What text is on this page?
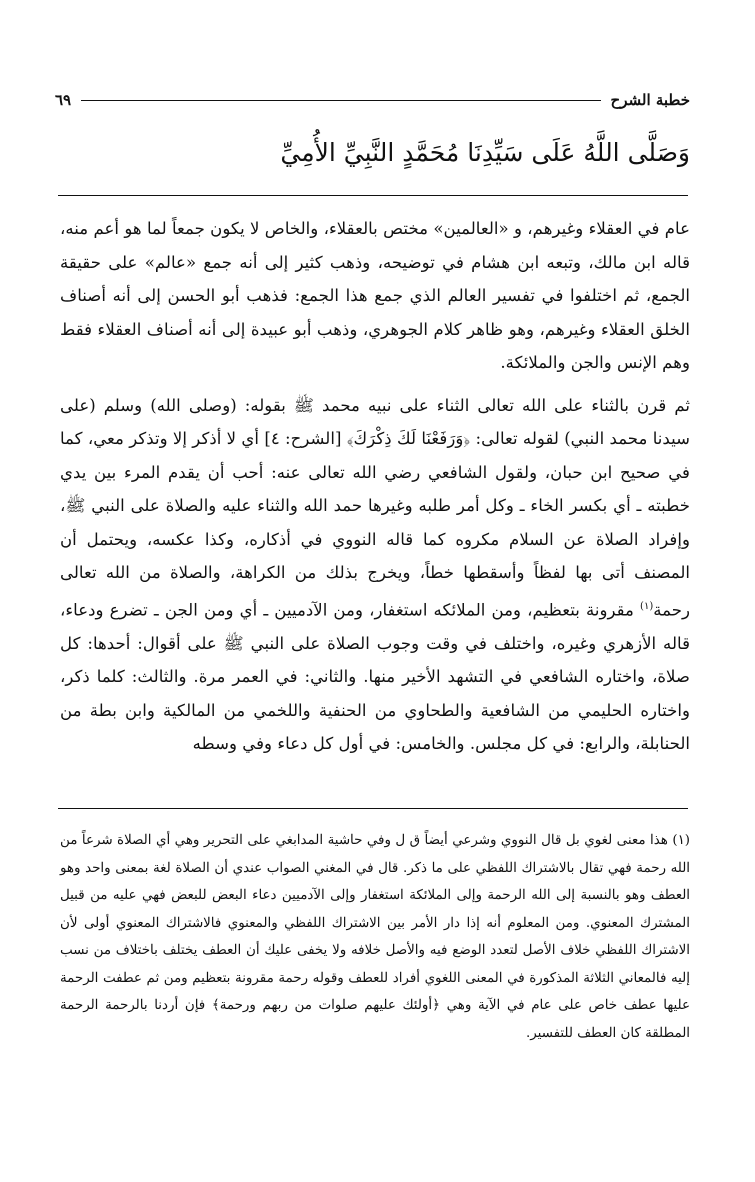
خطبة الشرح
٦٩
وَصَلَّى اللَّهُ عَلَى سَيِّدِنَا مُحَمَّدٍ النَّبِيِّ الأُمِيِّ

عام في العقلاء وغيرهم، و «العالمين» مختص بالعقلاء، والخاص لا يكون جمعاً لما هو أعم منه، قاله ابن مالك، وتبعه ابن هشام في توضيحه، وذهب كثير إلى أنه جمع «عالم» على حقيقة الجمع، ثم اختلفوا في تفسير العالم الذي جمع هذا الجمع: فذهب أبو الحسن إلى أنه أصناف الخلق العقلاء وغيرهم، وهو ظاهر كلام الجوهري، وذهب أبو عبيدة إلى أنه أصناف العقلاء فقط وهم الإنس والجن والملائكة.

ثم قرن بالثناء على الله تعالى الثناء على نبيه محمد ﷺ بقوله: (وصلى الله) وسلم (على سيدنا محمد النبي) لقوله تعالى: ﴿وَرَفَعْنَا لَكَ ذِكْرَكَ﴾ [الشرح: ٤] أي لا أذكر إلا وتذكر معي، كما في صحيح ابن حبان، ولقول الشافعي رضي الله تعالى عنه: أحب أن يقدم المرء بين يدي خطبته ـ أي بكسر الخاء ـ وكل أمر طلبه وغيرها حمد الله والثناء عليه والصلاة على النبي ﷺ، وإفراد الصلاة عن السلام مكروه كما قاله النووي في أذكاره، وكذا عكسه، ويحتمل أن المصنف أتى بها لفظاً وأسقطها خطاً، ويخرج بذلك من الكراهة، والصلاة من الله تعالى رحمة$^{(١)}$ مقرونة بتعظيم، ومن الملائكه استغفار، ومن الآدميين ـ أي ومن الجن ـ تضرع ودعاء، قاله الأزهري وغيره، واختلف في وقت وجوب الصلاة على النبي ﷺ على أقوال: أحدها: كل صلاة، واختاره الشافعي في التشهد الأخير منها. والثاني: في العمر مرة. والثالث: كلما ذكر، واختاره الحليمي من الشافعية والطحاوي من الحنفية واللخمي من المالكية وابن بطة من الحنابلة، والرابع: في كل مجلس. والخامس: في أول كل دعاء وفي وسطه

(١) هذا معنى لغوي بل قال النووي وشرعي أيضاً ق ل وفي حاشية المدابغي على التحرير وهي أي الصلاة شرعاً من الله رحمة فهي تقال بالاشتراك اللفظي على ما ذكر. قال في المغني الصواب عندي أن الصلاة لغة بمعنى واحد وهو العطف وهو بالنسبة إلى الله الرحمة وإلى الملائكة استغفار وإلى الآدميين دعاء البعض للبعض فهي عليه من قبيل المشترك المعنوي. ومن المعلوم أنه إذا دار الأمر بين الاشتراك اللفظي والمعنوي فالاشتراك المعنوي أولى لأن الاشتراك اللفظي خلاف الأصل لتعدد الوضع فيه والأصل خلافه ولا يخفى عليك أن العطف يختلف باختلاف من نسب إليه فالمعاني الثلاثة المذكورة في المعنى اللغوي أفراد للعطف وقوله رحمة مقرونة بتعظيم ومن ثم عطفت الرحمة عليها عطف خاص على عام في الآية وهي ﴿أولئك عليهم صلوات من ربهم ورحمة﴾ فإن أردنا بالرحمة الرحمة المطلقة كان العطف للتفسير.
